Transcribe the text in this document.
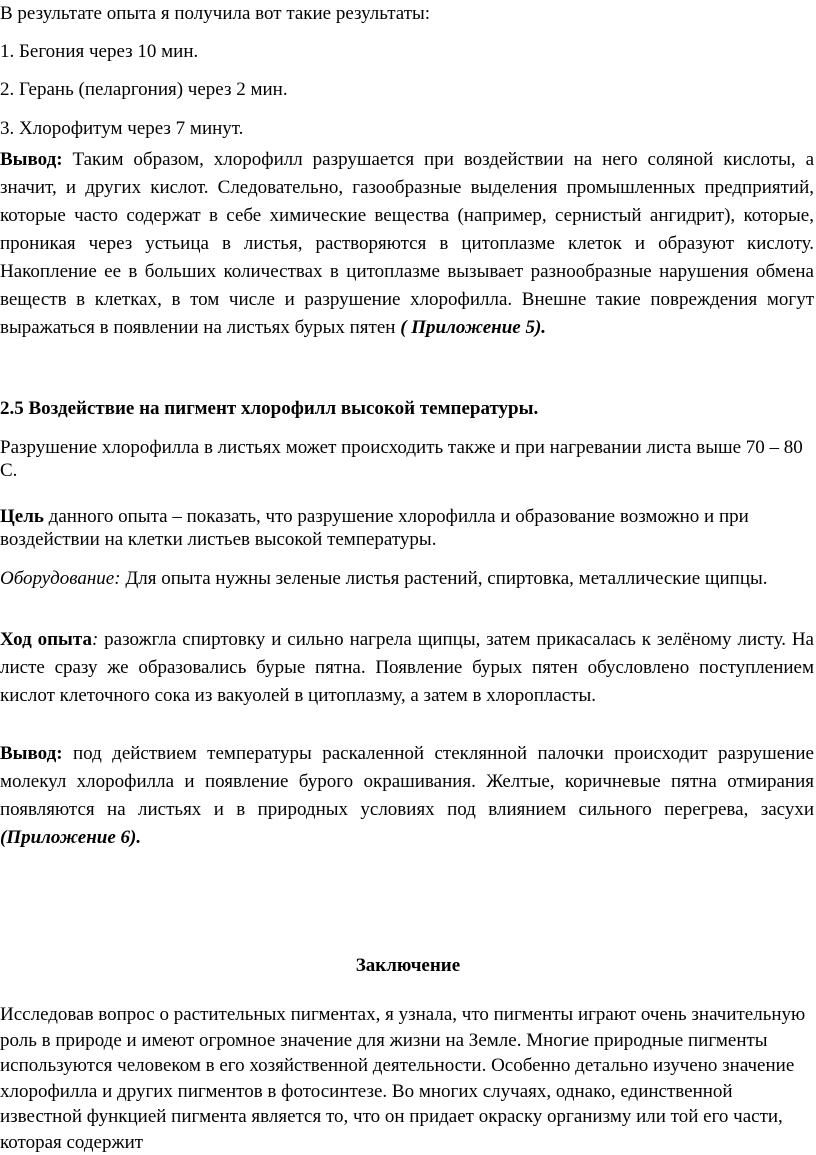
В результате опыта я получила вот такие результаты:

1. Бегония через 10 мин.

2. Герань (пеларгония) через 2 мин.

3. Хлорофитум через 7 минут.

Вывод: Таким образом, хлорофилл разрушается при воздействии на него соляной кислоты, а значит, и других кислот. Следовательно, газообразные выделения промышленных предприятий, которые часто содержат в себе химические вещества (например, сернистый ангидрит), которые, проникая через устьица в листья, растворяются в цитоплазме клеток и образуют кислоту. Накопление ее в больших количествах в цитоплазме вызывает разнообразные нарушения обмена веществ в клетках, в том числе и разрушение хлорофилла. Внешне такие повреждения могут выражаться в появлении на листьях бурых пятен ( Приложение 5).

2.5 Воздействие на пигмент хлорофилл высокой температуры.

Разрушение хлорофилла в листьях может происходить также и при нагревании листа выше 70 – 80 С.

Цель данного опыта – показать, что разрушение хлорофилла и образование возможно и при воздействии на клетки листьев высокой температуры.

Оборудование: Для опыта нужны зеленые листья растений, спиртовка, металлические щипцы.

Ход опыта: разожгла спиртовку и сильно нагрела щипцы, затем прикасалась к зелёному листу. На листе сразу же образовались бурые пятна. Появление бурых пятен обусловлено поступлением кислот клеточного сока из вакуолей в цитоплазму, а затем в хлоропласты.

Вывод: под действием температуры раскаленной стеклянной палочки происходит разрушение молекул хлорофилла и появление бурого окрашивания. Желтые, коричневые пятна отмирания появляются на листьях и в природных условиях под влиянием сильного перегрева, засухи (Приложение 6).

Заключение

Исследовав вопрос о растительных пигментах, я узнала, что пигменты играют очень значительную роль в природе и имеют огромное значение для жизни на Земле. Многие природные пигменты используются человеком в его хозяйственной деятельности. Особенно детально изучено значение хлорофилла и других пигментов в фотосинтезе. Во многих случаях, однако, единственной известной функцией пигмента является то, что он придает окраску организму или той его части, которая содержит
